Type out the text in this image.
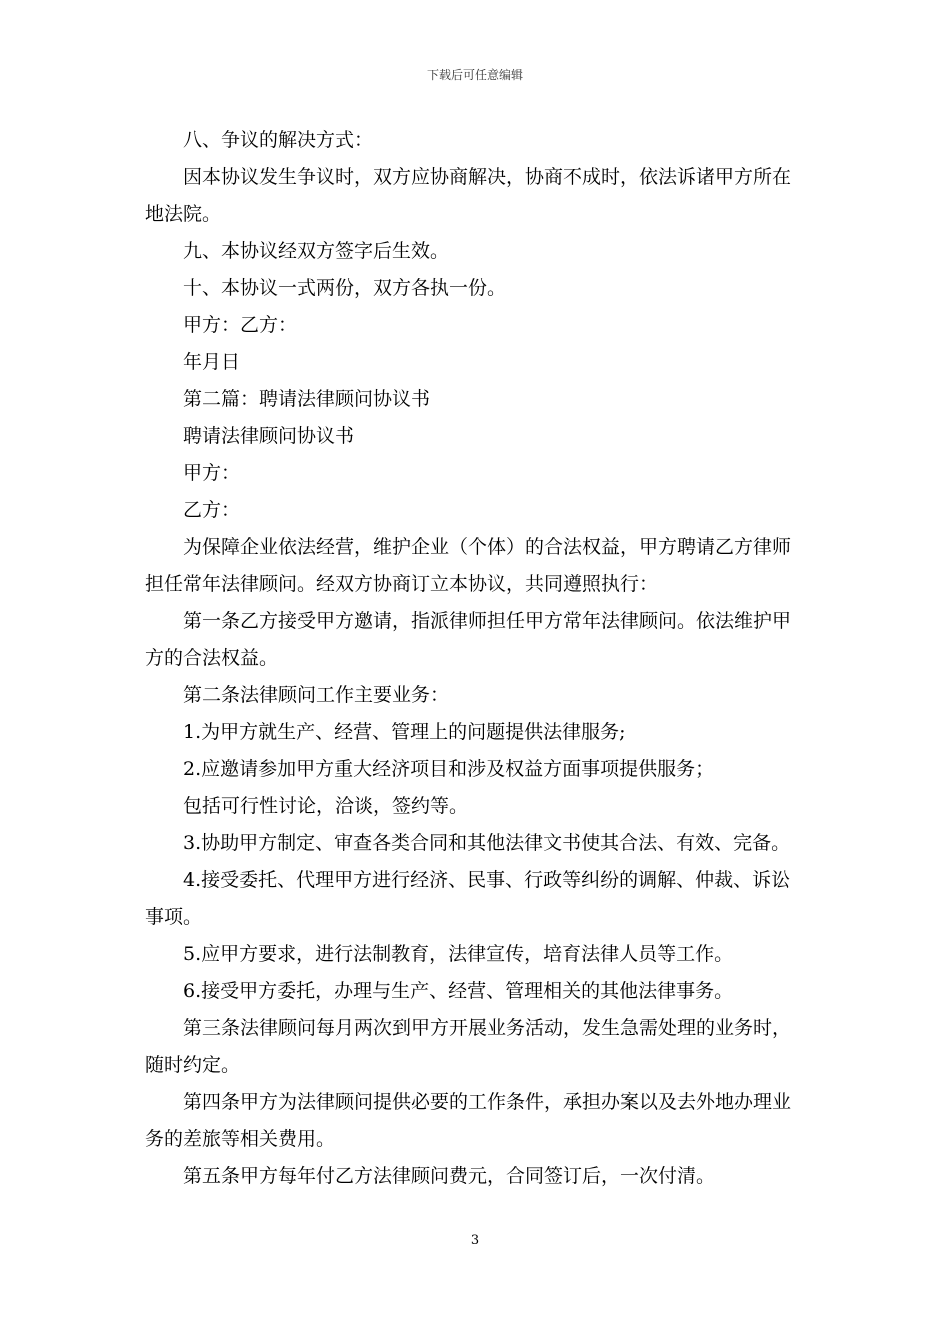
下载后可任意编辑

八、争议的解决方式：

因本协议发生争议时，双方应协商解决，协商不成时，依法诉诸甲方所在地法院。

九、本协议经双方签字后生效。

十、本协议一式两份，双方各执一份。

甲方：乙方：

年月日

第二篇：聘请法律顾问协议书

聘请法律顾问协议书

甲方：

乙方：

为保障企业依法经营，维护企业（个体）的合法权益，甲方聘请乙方律师担任常年法律顾问。经双方协商订立本协议，共同遵照执行：

第一条乙方接受甲方邀请，指派律师担任甲方常年法律顾问。依法维护甲方的合法权益。

第二条法律顾问工作主要业务：

1.为甲方就生产、经营、管理上的问题提供法律服务;

2.应邀请参加甲方重大经济项目和涉及权益方面事项提供服务；

包括可行性讨论，洽谈，签约等。

3.协助甲方制定、审查各类合同和其他法律文书使其合法、有效、完备。

4.接受委托、代理甲方进行经济、民事、行政等纠纷的调解、仲裁、诉讼事项。

5.应甲方要求，进行法制教育，法律宣传，培育法律人员等工作。

6.接受甲方委托，办理与生产、经营、管理相关的其他法律事务。

第三条法律顾问每月两次到甲方开展业务活动，发生急需处理的业务时，随时约定。

第四条甲方为法律顾问提供必要的工作条件，承担办案以及去外地办理业务的差旅等相关费用。

第五条甲方每年付乙方法律顾问费元，合同签订后，一次付清。

3
